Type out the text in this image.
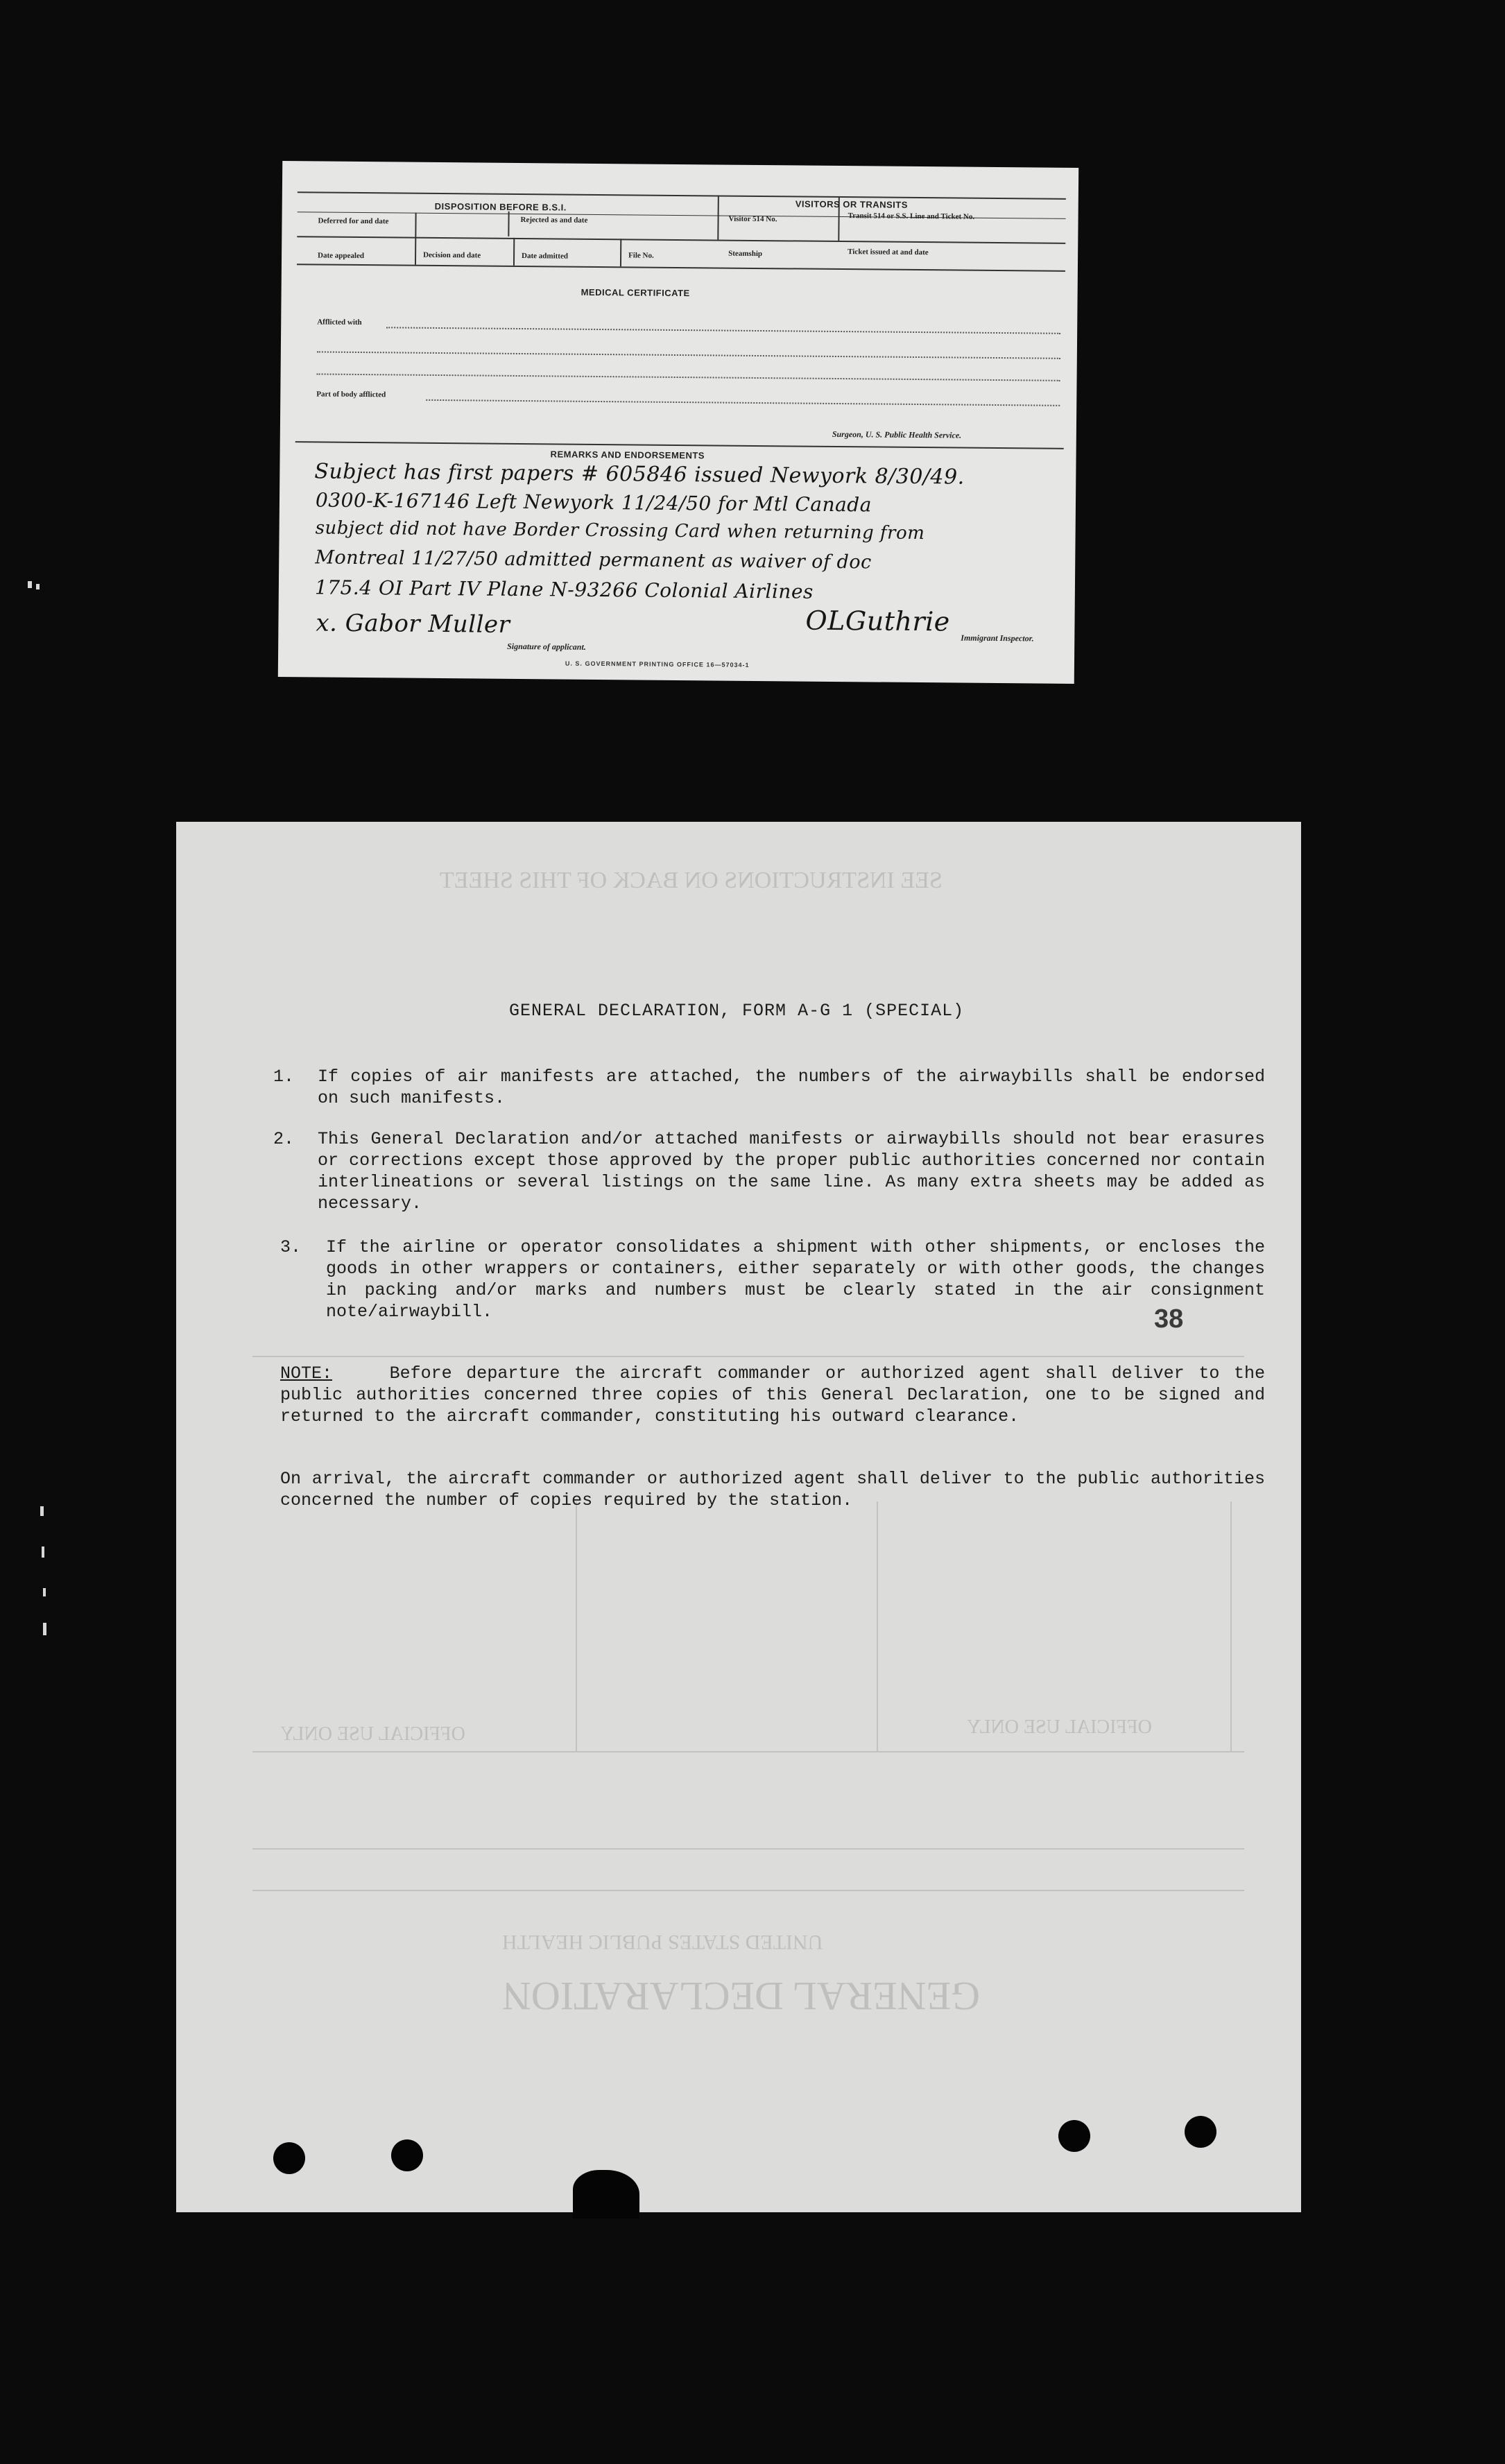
DISPOSITION BEFORE B.S.I.	VISITORS OR TRANSITS
Deferred for and date	Rejected as and date	Visitor 514 No.	Transit 514 or S.S. Line and Ticket No.
Date appealed	Decision and date	Date admitted	File No.	Steamship	Ticket issued at and date
MEDICAL CERTIFICATE
Afflicted with
Part of body afflicted
Surgeon, U. S. Public Health Service.
REMARKS AND ENDORSEMENTS
Subject has first papers # 605846 issued Newyork 8/30/49.
0300-K-167146 Left Newyork 11/24/50 for Mtl Canada
subject did not have Border Crossing Card when returning from
Montreal 11/27/50 admitted permanent as waiver of doc
175.4 OI Part IV Plane N-93266 Colonial Airlines
x. Gabor Muller
Signature of applicant.
OLGuthrie
Immigrant Inspector.
U. S. GOVERNMENT PRINTING OFFICE 16—57034-1
SEE INSTRUCTIONS ON BACK OF THIS SHEET
GENERAL DECLARATION
UNITED STATES PUBLIC HEALTH
OFFICIAL USE ONLY	OFFICIAL USE ONLY
GENERAL DECLARATION, FORM A-G 1 (SPECIAL)
1. If copies of air manifests are attached, the numbers of the airwaybills shall be endorsed on such manifests.
2. This General Declaration and/or attached manifests or airwaybills should not bear erasures or corrections except those approved by the proper public authorities concerned nor contain interlineations or several listings on the same line. As many extra sheets may be added as necessary.
3. If the airline or operator consolidates a shipment with other shipments, or encloses the goods in other wrappers or containers, either separately or with other goods, the changes in packing and/or marks and numbers must be clearly stated in the air consignment note/airwaybill.	38
NOTE:	Before departure the aircraft commander or authorized agent shall deliver to the public authorities concerned three copies of this General Declaration, one to be signed and returned to the aircraft commander, constituting his outward clearance.
On arrival, the aircraft commander or authorized agent shall deliver to the public authorities concerned the number of copies required by the station.
